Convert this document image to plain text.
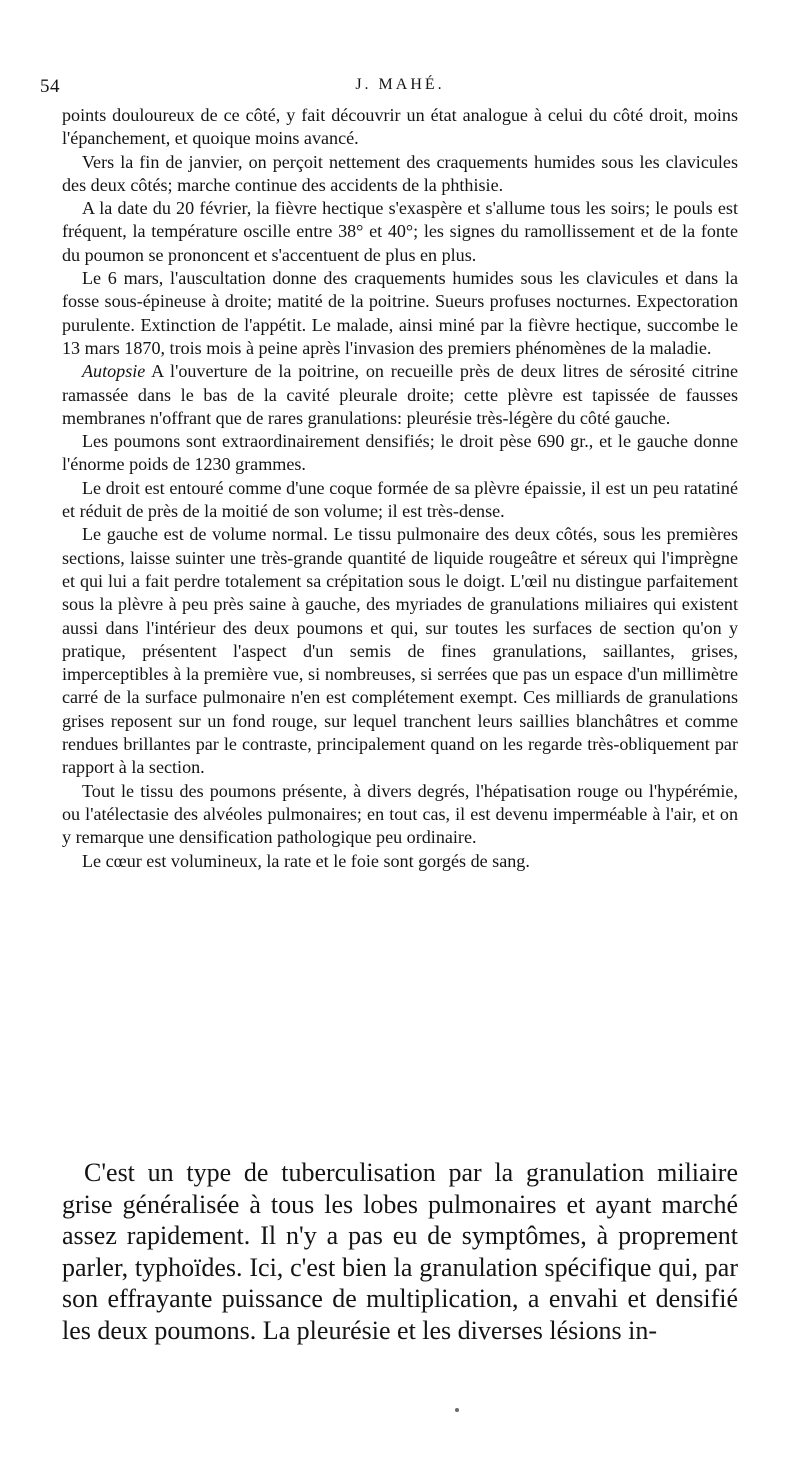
54	J. MAHÉ.

points douloureux de ce côté, y fait découvrir un état analogue à celui du côté droit, moins l'épanchement, et quoique moins avancé.

Vers la fin de janvier, on perçoit nettement des craquements humides sous les clavicules des deux côtés; marche continue des accidents de la phthisie.

A la date du 20 février, la fièvre hectique s'exaspère et s'allume tous les soirs; le pouls est fréquent, la température oscille entre 38° et 40°; les signes du ramollissement et de la fonte du poumon se prononcent et s'accentuent de plus en plus.

Le 6 mars, l'auscultation donne des craquements humides sous les clavicules et dans la fosse sous-épineuse à droite; matité de la poitrine. Sueurs profuses nocturnes. Expectoration purulente. Extinction de l'appétit. Le malade, ainsi miné par la fièvre hectique, succombe le 13 mars 1870, trois mois à peine après l'invasion des premiers phénomènes de la maladie.

Autopsie A l'ouverture de la poitrine, on recueille près de deux litres de sérosité citrine ramassée dans le bas de la cavité pleurale droite; cette plèvre est tapissée de fausses membranes n'offrant que de rares granulations: pleurésie très-légère du côté gauche.

Les poumons sont extraordinairement densifiés; le droit pèse 690 gr., et le gauche donne l'énorme poids de 1230 grammes.

Le droit est entouré comme d'une coque formée de sa plèvre épaissie, il est un peu ratatiné et réduit de près de la moitié de son volume; il est très-dense.

Le gauche est de volume normal. Le tissu pulmonaire des deux côtés, sous les premières sections, laisse suinter une très-grande quantité de liquide rougeâtre et séreux qui l'imprègne et qui lui a fait perdre totalement sa crépitation sous le doigt. L'œil nu distingue parfaitement sous la plèvre à peu près saine à gauche, des myriades de granulations miliaires qui existent aussi dans l'intérieur des deux poumons et qui, sur toutes les surfaces de section qu'on y pratique, présentent l'aspect d'un semis de fines granulations, saillantes, grises, imperceptibles à la première vue, si nombreuses, si serrées que pas un espace d'un millimètre carré de la surface pulmonaire n'en est complétement exempt. Ces milliards de granulations grises reposent sur un fond rouge, sur lequel tranchent leurs saillies blanchâtres et comme rendues brillantes par le contraste, principalement quand on les regarde très-obliquement par rapport à la section.

Tout le tissu des poumons présente, à divers degrés, l'hépatisation rouge ou l'hypérémie, ou l'atélectasie des alvéoles pulmonaires; en tout cas, il est devenu imperméable à l'air, et on y remarque une densification pathologique peu ordinaire.

Le cœur est volumineux, la rate et le foie sont gorgés de sang.

C'est un type de tuberculisation par la granulation miliaire grise généralisée à tous les lobes pulmonaires et ayant marché assez rapidement. Il n'y a pas eu de symptômes, à proprement parler, typhoïdes. Ici, c'est bien la granulation spécifique qui, par son effrayante puissance de multiplication, a envahi et densifié les deux poumons. La pleurésie et les diverses lésions in-
